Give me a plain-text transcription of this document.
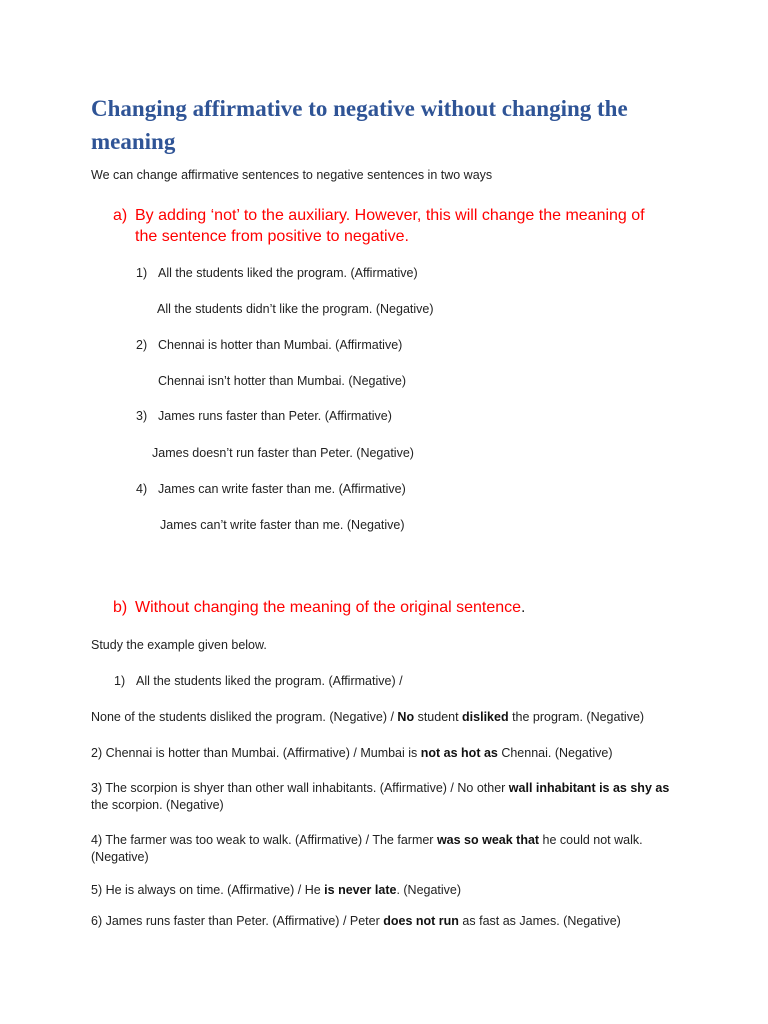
Changing affirmative to negative without changing the meaning

We can change affirmative sentences to negative sentences in two ways

a) By adding ‘not’ to the auxiliary. However, this will change the meaning of the sentence from positive to negative.
1) All the students liked the program. (Affirmative)

All the students didn’t like the program. (Negative)

2) Chennai is hotter than Mumbai. (Affirmative)

Chennai isn’t hotter than Mumbai. (Negative)

3) James runs faster than Peter. (Affirmative)

James doesn’t run faster than Peter. (Negative)

4) James can write faster than me. (Affirmative)

James can’t write faster than me. (Negative)

b) Without changing the meaning of the original sentence.

Study the example given below.

1) All the students liked the program. (Affirmative) /

None of the students disliked the program. (Negative) / No student disliked the program. (Negative)

2) Chennai is hotter than Mumbai. (Affirmative) / Mumbai is not as hot as Chennai. (Negative)

3) The scorpion is shyer than other wall inhabitants. (Affirmative) / No other wall inhabitant is as shy as the scorpion. (Negative)

4) The farmer was too weak to walk. (Affirmative) / The farmer was so weak that he could not walk. (Negative)

5) He is always on time. (Affirmative) / He is never late. (Negative)

6) James runs faster than Peter. (Affirmative) / Peter does not run as fast as James. (Negative)
